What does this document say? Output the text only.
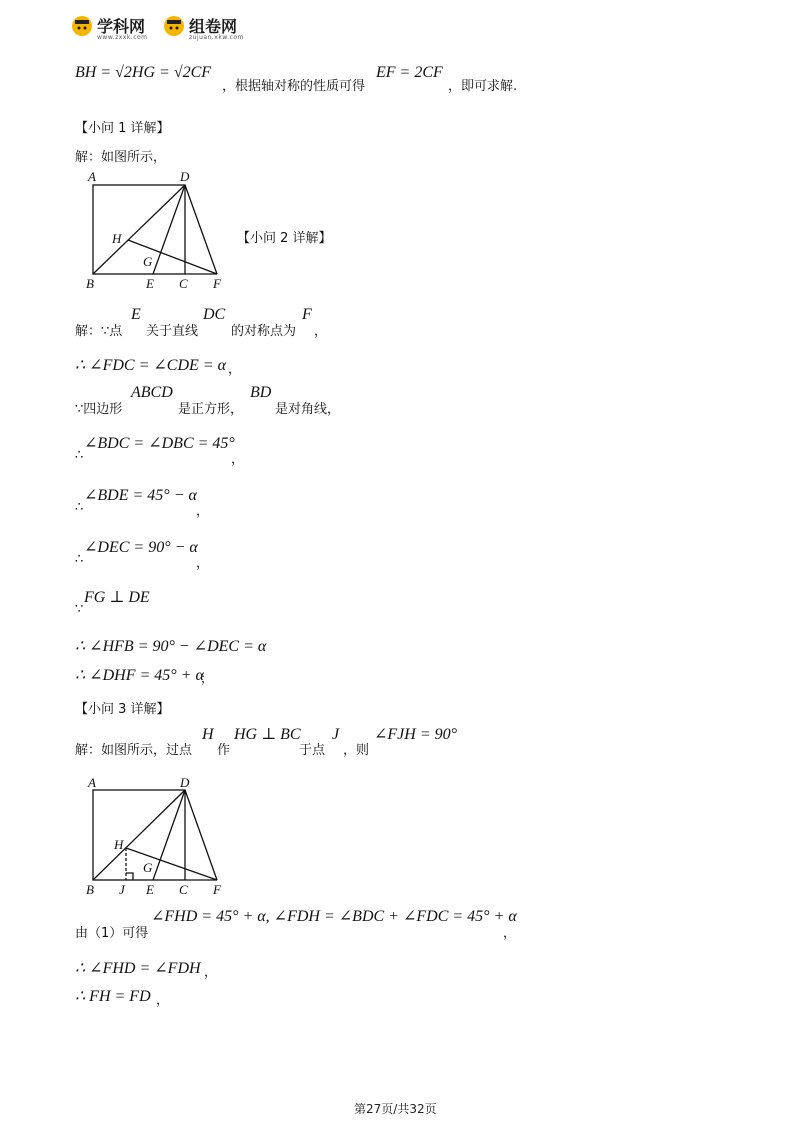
学科网
www.zxxk.com
组卷网
zujuan.xkw.com
BH = √2HG = √2CF
，根据轴对称的性质可得
EF = 2CF
，即可求解.
【小问 1 详解】
解：如图所示，
A	D
H
G
B	E C F
【小问 2 详解】
解：∵点
E
关于直线
DC
的对称点为
F
，
∴ ∠FDC = ∠CDE = α ，
∵四边形
ABCD
是正方形，
BD
是对角线，
∴
∠BDC = ∠DBC = 45°
，
∴
∠BDE = 45° − α
，
∴
∠DEC = 90° − α
，
∵
FG ⊥ DE
∴ ∠HFB = 90° − ∠DEC = α
∴ ∠DHF = 45° + α
；
【小问 3 详解】
解：如图所示，过点
H
作
HG ⊥ BC
于点
J
，则
∠FJH = 90°
A	D
H
G
B J E C F
由（1）可得
∠FHD = 45° + α, ∠FDH = ∠BDC + ∠FDC = 45° + α
，
∴ ∠FHD = ∠FDH ，
∴ FH = FD ，
第27页/共32页
